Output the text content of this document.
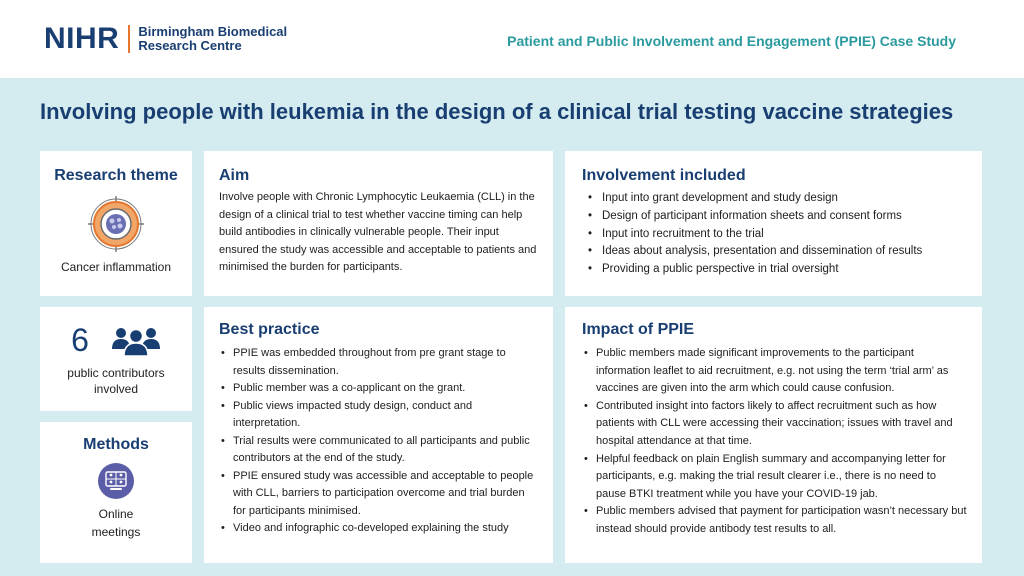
NIHR Birmingham Biomedical
Research Centre	Patient and Public Involvement and Engagement (PPIE) Case Study
Involving people with leukemia in the design of a clinical trial testing vaccine strategies
Research theme

Cancer inflammation

Aim

Involve people with Chronic Lymphocytic Leukaemia (CLL) in the design of a clinical trial to test whether vaccine timing can help build antibodies in clinically vulnerable people. Their input ensured the study was accessible and acceptable to patients and minimised the burden for participants.

Involvement included
• Input into grant development and study design
• Design of participant information sheets and consent forms
• Input into recruitment to the trial
• Ideas about analysis, presentation and dissemination of results
• Providing a public perspective in trial oversight
6

public contributors
involved

Methods

Online
meetings

Best practice
• PPIE was embedded throughout from pre grant stage to results dissemination.
• Public member was a co-applicant on the grant.
• Public views impacted study design, conduct and interpretation.
• Trial results were communicated to all participants and public contributors at the end of the study.
• PPIE ensured study was accessible and acceptable to people with CLL, barriers to participation overcome and trial burden for participants minimised.
• Video and infographic co-developed explaining the study
Impact of PPIE
• Public members made significant improvements to the participant information leaflet to aid recruitment, e.g. not using the term ‘trial arm’ as vaccines are given into the arm which could cause confusion.
• Contributed insight into factors likely to affect recruitment such as how patients with CLL were accessing their vaccination; issues with travel and hospital attendance at that time.
• Helpful feedback on plain English summary and accompanying letter for participants, e.g. making the trial result clearer i.e., there is no need to pause BTKI treatment while you have your COVID-19 jab.
• Public members advised that payment for participation wasn’t necessary but instead should provide antibody test results to all.
